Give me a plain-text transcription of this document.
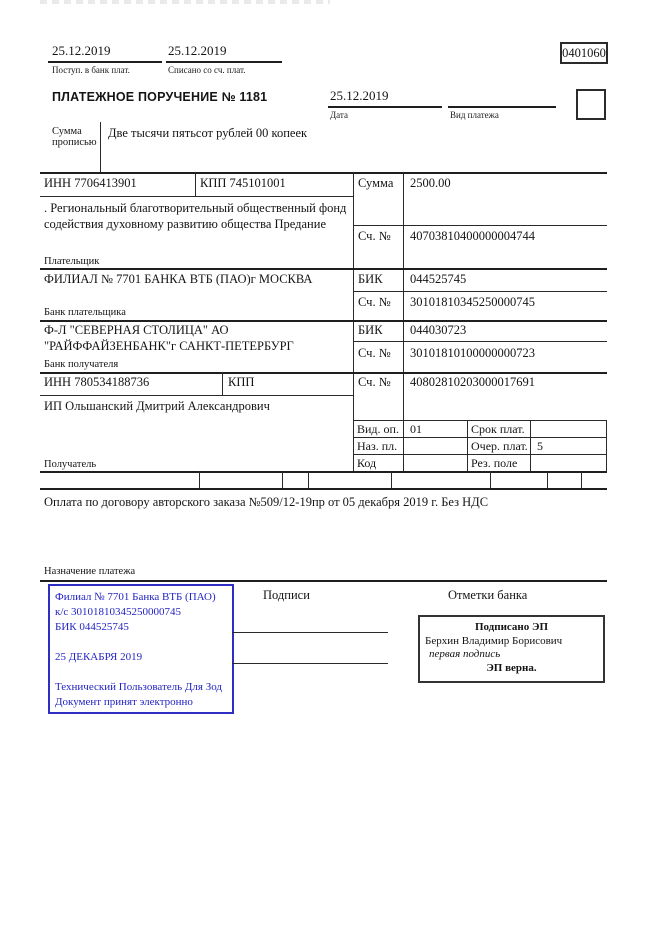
25.12.2019
Поступ. в банк плат.
25.12.2019
Списано со сч. плат.
0401060
ПЛАТЕЖНОЕ ПОРУЧЕНИЕ № 1181	25.12.2019
Дата	Вид платежа
Сумма прописью
Две тысячи пятьсот рублей 00 копеек
ИНН 7706413901	КПП 745101001	Сумма 2500.00
. Региональный благотворительный общественный фонд содействия духовному развитию общества Предание
Сч. № 40703810400000004744
Плательщик
ФИЛИАЛ № 7701 БАНКА ВТБ (ПАО)г МОСКВА	БИК 044525745
Сч. № 30101810345250000745
Банк плательщика
Ф-Л "СЕВЕРНАЯ СТОЛИЦА" АО
"РАЙФФАЙЗЕНБАНК"г САНКТ-ПЕТЕРБУРГ
БИК 044030723
Сч. № 30101810100000000723
Банк получателя
ИНН 780534188736	КПП	Сч. № 40802810203000017691
ИП Ольшанский Дмитрий Александрович
Вид. оп. 01	Срок плат.
Наз. пл.	Очер. плат. 5
Код	Рез. поле
Получатель
Оплата по договору авторского заказа №509/12-19пр от 05 декабря 2019 г. Без НДС
Назначение платежа
Филиал № 7701 Банка ВТБ (ПАО)
к/с 30101810345250000745
БИК 044525745
25 ДЕКАБРЯ 2019
Технический Пользователь Для Зод
Документ принят электронно
Подписи	Отметки банка
Подписано ЭП
Берхин Владимир Борисович
первая подпись
ЭП верна.
